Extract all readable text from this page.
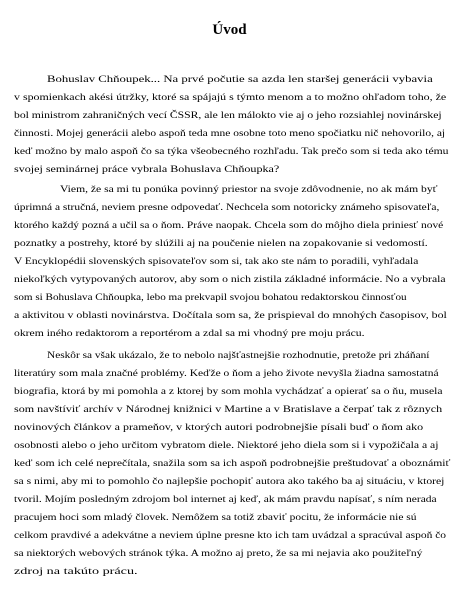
Úvod

Bohuslav Chňoupek... Na prvé počutie sa azda len staršej generácii vybavia

v spomienkach akési útržky, ktoré sa spájajú s týmto menom a to možno ohľadom toho, že

bol ministrom zahraničných vecí ČSSR, ale len málokto vie aj o jeho rozsiahlej novinárskej

činnosti. Mojej generácii alebo aspoň teda mne osobne toto meno spočiatku nič nehovorilo, aj

keď možno by malo aspoň čo sa týka všeobecného rozhľadu. Tak prečo som si teda ako tému

svojej seminárnej práce vybrala Bohuslava Chňoupka?

Viem, že sa mi tu ponúka povinný priestor na svoje zdôvodnenie, no ak mám byť

úprimná a stručná, neviem presne odpovedať. Nechcela som notoricky známeho spisovateľa,

ktorého každý pozná a učil sa o ňom. Práve naopak. Chcela som do môjho diela priniesť nové

poznatky a postrehy, ktoré by slúžili aj na poučenie nielen na zopakovanie si vedomostí.

V Encyklopédii slovenských spisovateľov som si, tak ako ste nám to poradili, vyhľadala

niekoľkých vytypovaných autorov, aby som o nich zistila základné informácie. No a vybrala

som si Bohuslava Chňoupka, lebo ma prekvapil svojou bohatou redaktorskou činnosťou

a aktivitou v oblasti novinárstva. Dočítala som sa, že prispieval do mnohých časopisov, bol

okrem iného redaktorom a reportérom a zdal sa mi vhodný pre moju prácu.

Neskôr sa však ukázalo, že to nebolo najšťastnejšie rozhodnutie, pretože pri zháňaní

literatúry som mala značné problémy. Keďže o ňom a jeho živote nevyšla žiadna samostatná

biografia, ktorá by mi pomohla a z ktorej by som mohla vychádzať a opierať sa o ňu, musela

som navštíviť archív v Národnej knižnici v Martine a v Bratislave a čerpať tak z rôznych

novinových článkov a prameňov, v ktorých autori podrobnejšie písali buď o ňom ako

osobnosti alebo o jeho určitom vybratom diele. Niektoré jeho diela som si i vypožičala a aj

keď som ich celé neprečítala, snažila som sa ich aspoň podrobnejšie preštudovať a oboznámiť

sa s nimi, aby mi to pomohlo čo najlepšie pochopiť autora ako takého ba aj situáciu, v ktorej

tvoril. Mojím posledným zdrojom bol internet aj keď, ak mám pravdu napísať, s ním nerada

pracujem hoci som mladý človek. Nemôžem sa totiž zbaviť pocitu, že informácie nie sú

celkom pravdivé a adekvátne a neviem úplne presne kto ich tam uvádzal a spracúval aspoň čo

sa niektorých webových stránok týka. A možno aj preto, že sa mi nejavia ako použiteľný

zdroj na takúto prácu.
